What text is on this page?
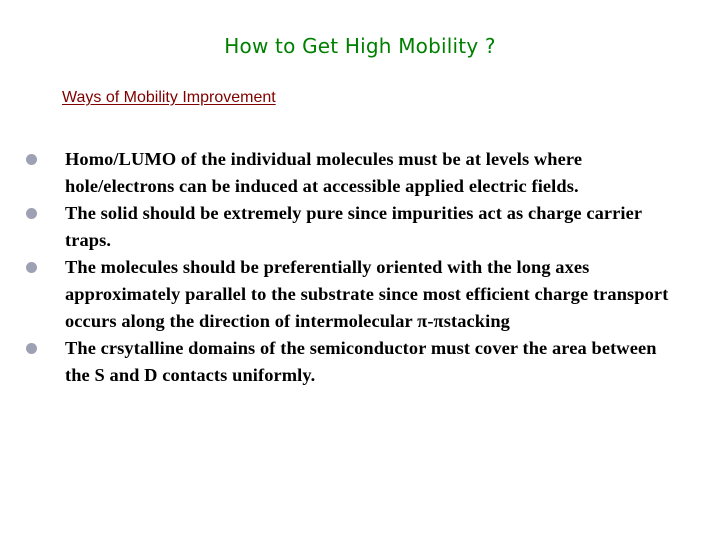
How to Get High Mobility ?
Ways of Mobility Improvement
Homo/LUMO of the individual molecules must be at levels where hole/electrons can be induced at accessible applied electric fields.
The solid should be extremely pure since impurities act as charge carrier traps.
The molecules should be preferentially oriented with the long axes approximately parallel to the substrate since most efficient charge transport occurs along the direction of intermolecular π-πstacking
The crsytalline domains of the semiconductor must cover the area between the S and D contacts uniformly.
